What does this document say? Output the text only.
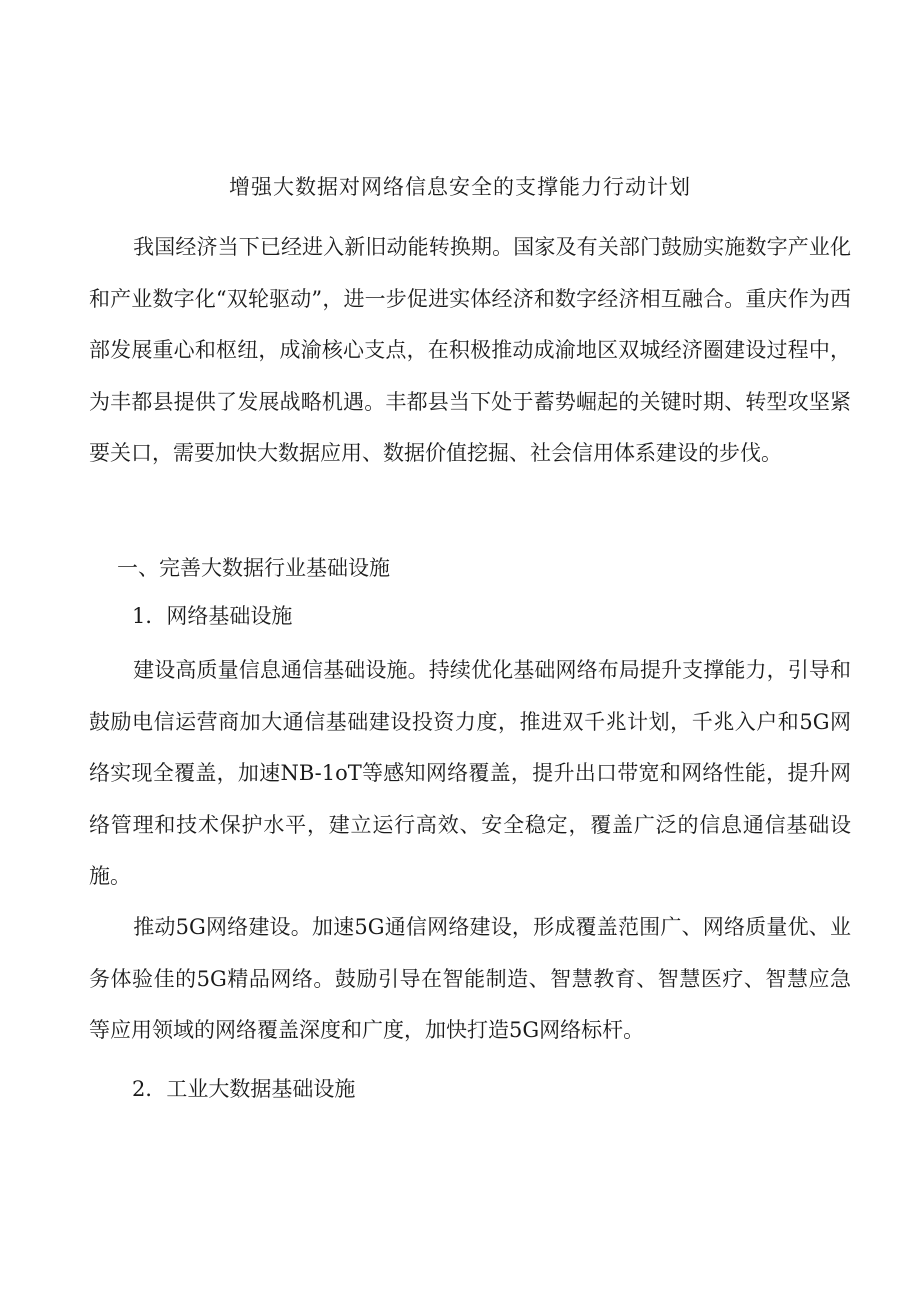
增强大数据对网络信息安全的支撑能力行动计划

我国经济当下已经进入新旧动能转换期。国家及有关部门鼓励实施数字产业化和产业数字化“双轮驱动”，进一步促进实体经济和数字经济相互融合。重庆作为西部发展重心和枢纽，成渝核心支点，在积极推动成渝地区双城经济圈建设过程中，为丰都县提供了发展战略机遇。丰都县当下处于蓄势崛起的关键时期、转型攻坚紧要关口，需要加快大数据应用、数据价值挖掘、社会信用体系建设的步伐。

一、完善大数据行业基础设施
1．网络基础设施

建设高质量信息通信基础设施。持续优化基础网络布局提升支撑能力，引导和鼓励电信运营商加大通信基础建设投资力度，推进双千兆计划，千兆入户和5G网络实现全覆盖，加速NB-1oT等感知网络覆盖，提升出口带宽和网络性能，提升网络管理和技术保护水平，建立运行高效、安全稳定，覆盖广泛的信息通信基础设施。

推动5G网络建设。加速5G通信网络建设，形成覆盖范围广、网络质量优、业务体验佳的5G精品网络。鼓励引导在智能制造、智慧教育、智慧医疗、智慧应急等应用领域的网络覆盖深度和广度，加快打造5G网络标杆。

2．工业大数据基础设施
